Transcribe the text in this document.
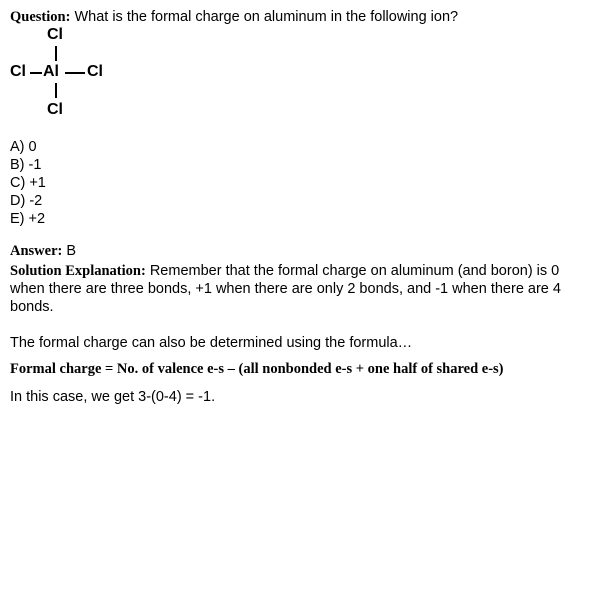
Question: What is the formal charge on aluminum in the following ion?
Cl
Cl Al Cl
Cl
A) 0
B) -1
C) +1
D) -2
E) +2
Answer: B
Solution Explanation: Remember that the formal charge on aluminum (and boron) is 0 when there are three bonds, +1 when there are only 2 bonds, and -1 when there are 4 bonds.
The formal charge can also be determined using the formula…
Formal charge = No. of valence e-s – (all nonbonded e-s + one half of shared e-s)
In this case, we get 3-(0-4) = -1.
